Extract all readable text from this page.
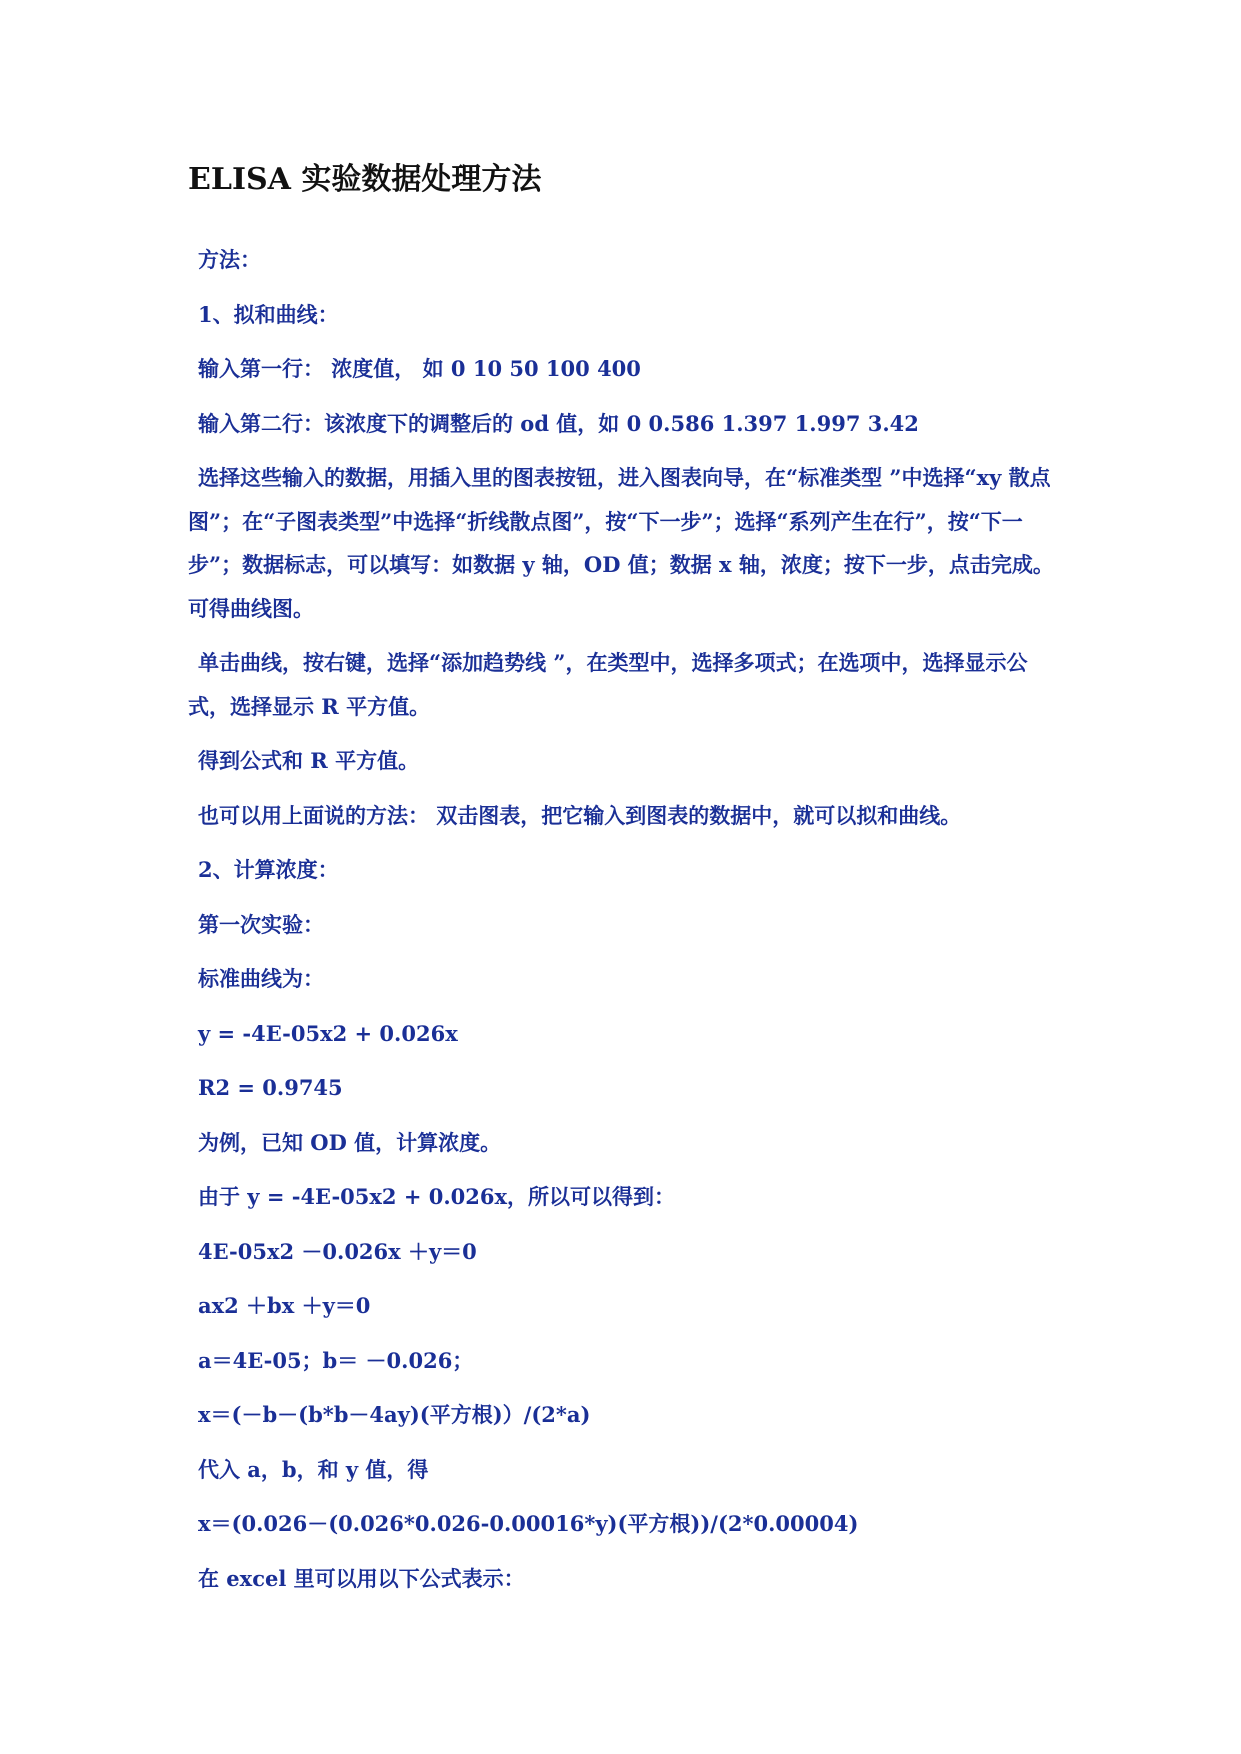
ELISA 实验数据处理方法

方法：

1、拟和曲线：

输入第一行： 浓度值， 如 0 10 50 100 400

输入第二行：该浓度下的调整后的 od 值，如 0 0.586 1.397 1.997 3.42

选择这些输入的数据，用插入里的图表按钮，进入图表向导，在“标准类型 ”中选择“xy 散点图”；在“子图表类型”中选择“折线散点图”，按“下一步”；选择“系列产生在行”，按“下一步”；数据标志，可以填写：如数据 y 轴，OD 值；数据 x 轴，浓度；按下一步，点击完成。可得曲线图。

单击曲线，按右键，选择“添加趋势线 ”，在类型中，选择多项式；在选项中，选择显示公式，选择显示 R 平方值。

得到公式和 R 平方值。

也可以用上面说的方法： 双击图表，把它输入到图表的数据中，就可以拟和曲线。

2、计算浓度：

第一次实验：

标准曲线为：

y = -4E-05x2 + 0.026x

R2 = 0.9745

为例，已知 OD 值，计算浓度。

由于 y = -4E-05x2 + 0.026x，所以可以得到：

4E-05x2 －0.026x ＋y＝0

ax2 ＋bx ＋y＝0

a＝4E-05；b＝ －0.026；

x＝(－b－(b*b－4ay)(平方根)）/(2*a)

代入 a，b，和 y 值，得

x＝(0.026－(0.026*0.026-0.00016*y)(平方根))/(2*0.00004)

在 excel 里可以用以下公式表示：
